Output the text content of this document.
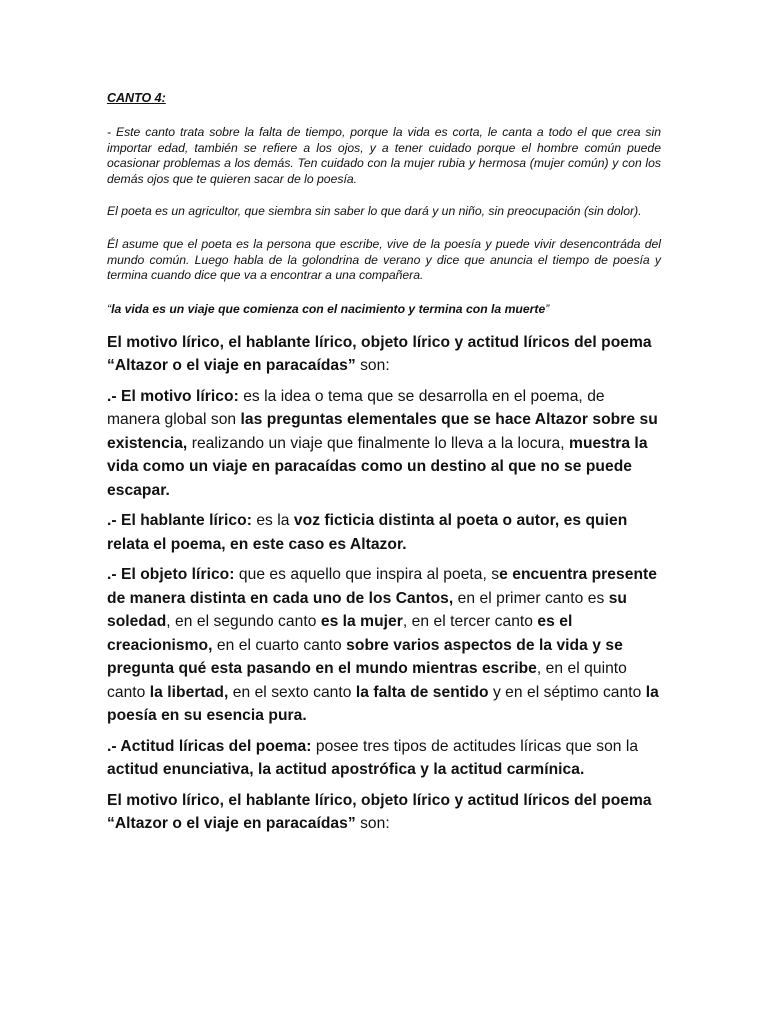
CANTO 4:

- Este canto trata sobre la falta de tiempo, porque la vida es corta, le canta a todo el que crea sin importar edad, también se refiere a los ojos, y a tener cuidado porque el hombre común puede ocasionar problemas a los demás. Ten cuidado con la mujer rubia y hermosa (mujer común) y con los demás ojos que te quieren sacar de lo poesía.

El poeta es un agricultor, que siembra sin saber lo que dará y un niño, sin preocupación (sin dolor).

Él asume que el poeta es la persona que escribe, vive de la poesía y puede vivir desencontráda del mundo común. Luego habla de la golondrina de verano y dice que anuncia el tiempo de poesía y termina cuando dice que va a encontrar a una compañera.

“la vida es un viaje que comienza con el nacimiento y termina con la muerte”

El motivo lírico, el hablante lírico, objeto lírico y actitud líricos del poema “Altazor o el viaje en paracaídas” son:

.- El motivo lírico: es la idea o tema que se desarrolla en el poema, de manera global son las preguntas elementales que se hace Altazor sobre su existencia, realizando un viaje que finalmente lo lleva a la locura, muestra la vida como un viaje en paracaídas como un destino al que no se puede escapar.

.- El hablante lírico: es la voz ficticia distinta al poeta o autor, es quien relata el poema, en este caso es Altazor.

.- El objeto lírico: que es aquello que inspira al poeta, se encuentra presente de manera distinta en cada uno de los Cantos, en el primer canto es su soledad, en el segundo canto es la mujer, en el tercer canto es el creacionismo, en el cuarto canto sobre varios aspectos de la vida y se pregunta qué esta pasando en el mundo mientras escribe, en el quinto canto la libertad, en el sexto canto la falta de sentido y en el séptimo canto la poesía en su esencia pura.

.- Actitud líricas del poema: posee tres tipos de actitudes líricas que son la actitud enunciativa, la actitud apostrófica y la actitud carmínica.

El motivo lírico, el hablante lírico, objeto lírico y actitud líricos del poema “Altazor o el viaje en paracaídas” son:
